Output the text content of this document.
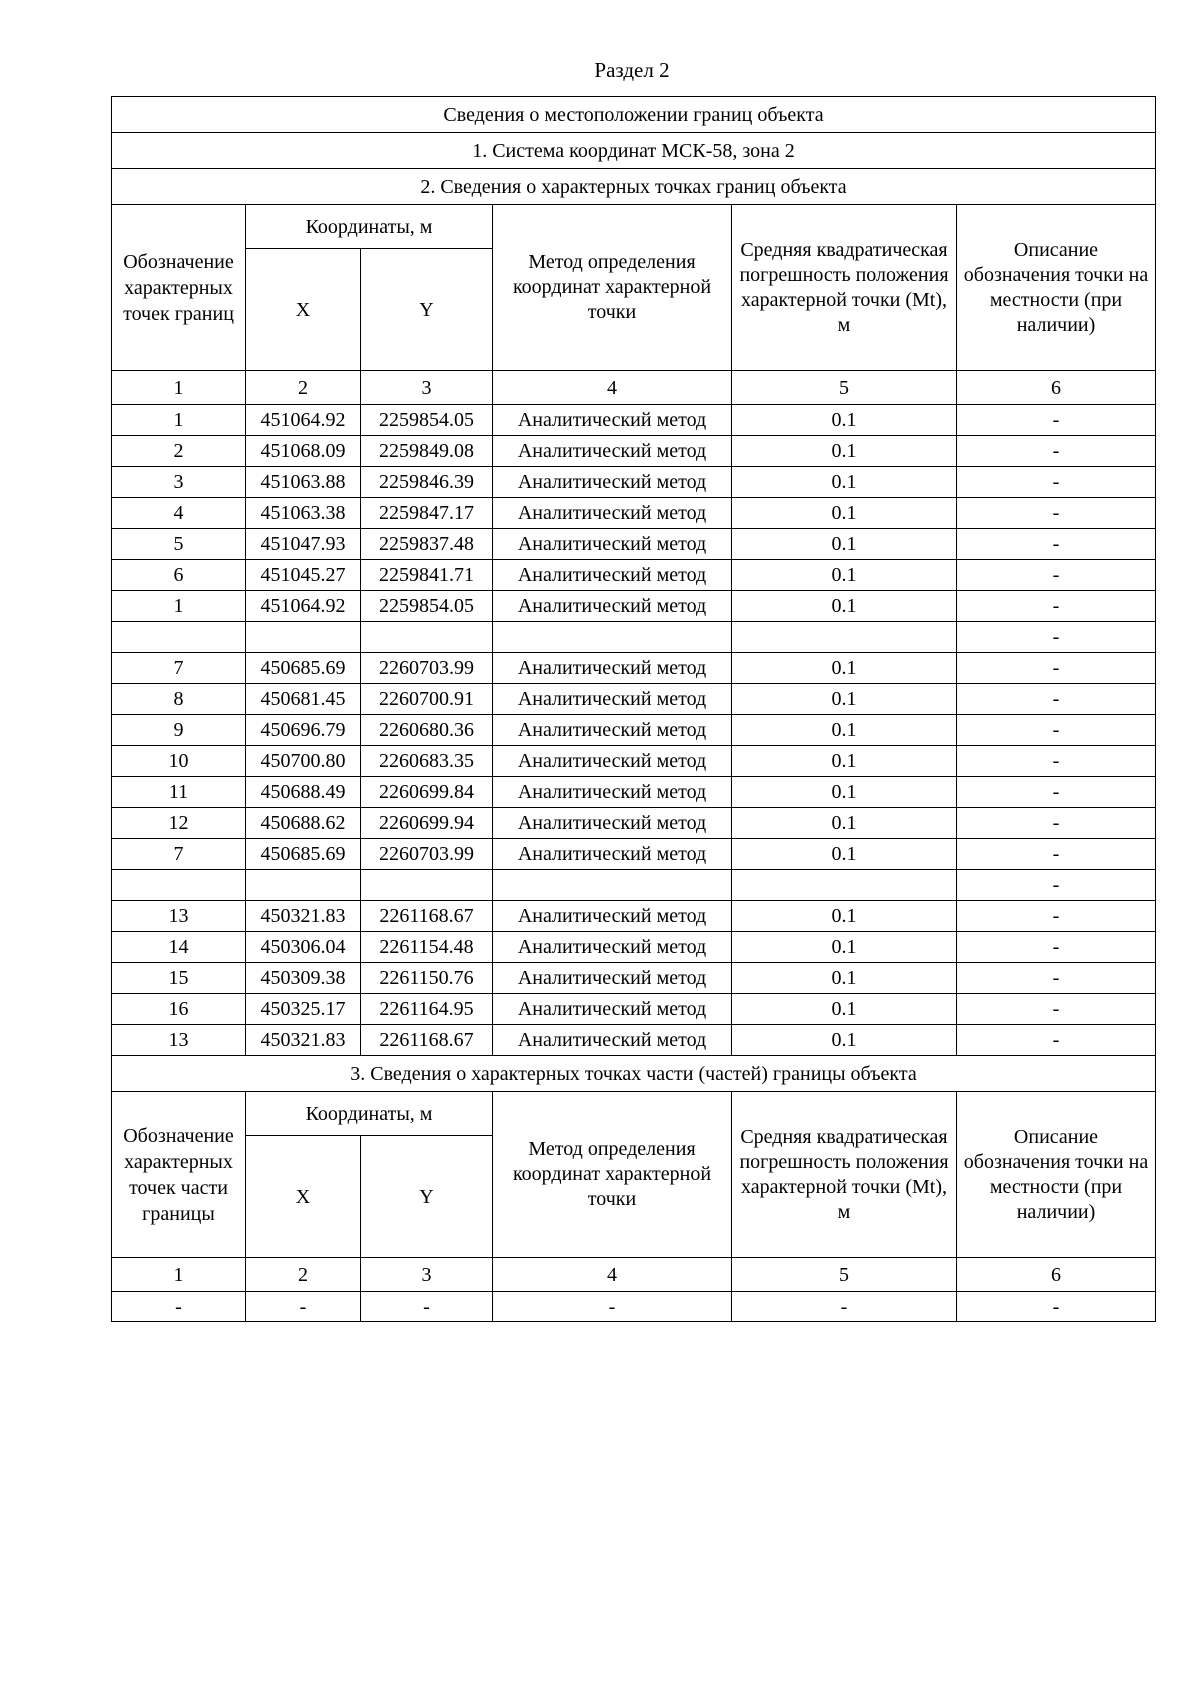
Раздел 2
Сведения о местоположении границ объекта					
1. Система координат МСК-58, зона 2					
2. Сведения о характерных точках границ объекта					
Обозначение характерных точек границ	Координаты, м		Метод определения координат характерной точки	Средняя квадратичеcкая погрешность положения характерной точки (Mt), м	Описание обозначения точки на местности (при наличии)
	X	Y			
1	2	3	4	5	6
1	451064.92	2259854.05	Аналитический метод	0.1	-
2	451068.09	2259849.08	Аналитический метод	0.1	-
3	451063.88	2259846.39	Аналитический метод	0.1	-
4	451063.38	2259847.17	Аналитический метод	0.1	-
5	451047.93	2259837.48	Аналитический метод	0.1	-
6	451045.27	2259841.71	Аналитический метод	0.1	-
1	451064.92	2259854.05	Аналитический метод	0.1	-
					-
7	450685.69	2260703.99	Аналитический метод	0.1	-
8	450681.45	2260700.91	Аналитический метод	0.1	-
9	450696.79	2260680.36	Аналитический метод	0.1	-
10	450700.80	2260683.35	Аналитический метод	0.1	-
11	450688.49	2260699.84	Аналитический метод	0.1	-
12	450688.62	2260699.94	Аналитический метод	0.1	-
7	450685.69	2260703.99	Аналитический метод	0.1	-
					-
13	450321.83	2261168.67	Аналитический метод	0.1	-
14	450306.04	2261154.48	Аналитический метод	0.1	-
15	450309.38	2261150.76	Аналитический метод	0.1	-
16	450325.17	2261164.95	Аналитический метод	0.1	-
13	450321.83	2261168.67	Аналитический метод	0.1	-
3. Сведения о характерных точках части (частей) границы объекта					
Обозначение характерных точек части границы	Координаты, м		Метод определения координат характерной точки	Средняя квадратичеcкая погрешность положения характерной точки (Mt), м	Описание обозначения точки на местности (при наличии)
	X	Y			
1	2	3	4	5	6
-	-	-	-	-	-
